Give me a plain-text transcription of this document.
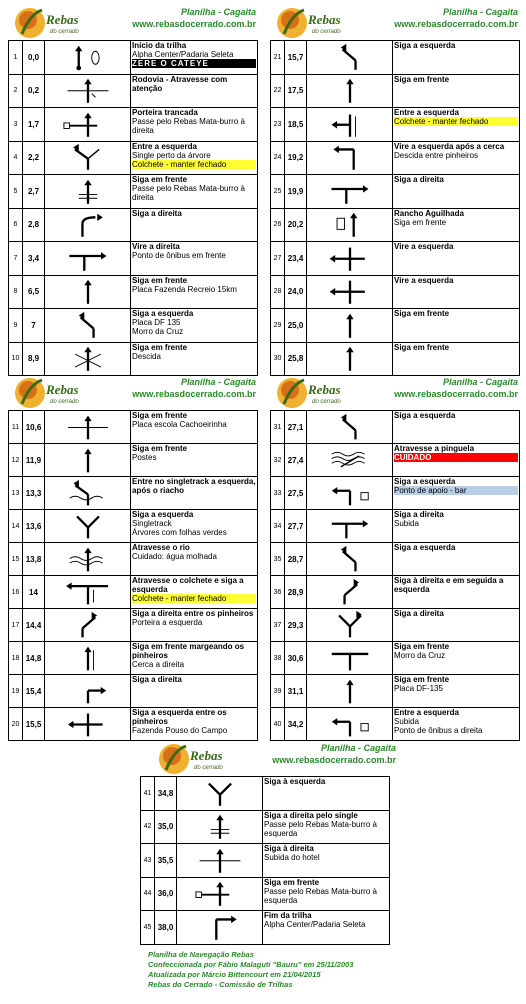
Rebas
do cerrado
Planilha - Cagaita
www.rebasdocerrado.com.br
1	0,0		Início da trilha
Alpha Center/Padaria Seleta
ZERE O CATEYE

2	0,2		Rodovia - Atravesse com atenção

3	1,7		Porteira trancada
Passe pelo Rebas Mata-burro à direita

4	2,2		Entre a esquerda
Single perto da árvore
Colchete - manter fechado

5	2,7		Siga em frente
Passe pelo Rebas Mata-burro à direita

6	2,8		Siga a direita

7	3,4		Vire a direita
Ponto de ônibus em frente

8	6,5		Siga em frente
Placa Fazenda Recreio 15km

9	7		Siga a esquerda
Placa DF 135
Morro da Cruz

10	8,9		Siga em frente
Descida
Rebas
do cerrado
Planilha - Cagaita
www.rebasdocerrado.com.br
21	15,7		Siga a esquerda

22	17,5		Siga em frente

23	18,5		Entre a esquerda
Colchete - manter fechado

24	19,2		Vire a esquerda após a cerca
Descida entre pinheiros

25	19,9		Siga a direita

26	20,2		Rancho Aguilhada
Siga em frente

27	23,4		Vire a esquerda

28	24,0		Vire a esquerda

29	25,0		Siga em frente

30	25,8		Siga em frente
Rebas
do cerrado
Planilha - Cagaita
www.rebasdocerrado.com.br
11	10,6		Siga em frente
Placa escola Cachoeirinha

12	11,9		Siga em frente
Postes

13	13,3		Entre no singletrack a esquerda, após o riacho

14	13,6		Siga a esquerda
Singletrack
Árvores com folhas verdes

15	13,8		Atravesse o rio
Cuidado: água molhada

16	14		Atravesse o colchete e siga a esquerda
Colchete - manter fechado

17	14,4		Siga a direita entre os pinheiros
Porteira a esquerda

18	14,8		Siga em frente margeando os pinheiros
Cerca a direita

19	15,4		Siga a direita

20	15,5		Siga a esquerda entre os pinheiros
Fazenda Pouso do Campo
Rebas
do cerrado
Planilha - Cagaita
www.rebasdocerrado.com.br
31	27,1		Siga a esquerda

32	27,4		Atravesse a pinguela
CUIDADO

33	27,5		Siga a esquerda
Ponto de apoio - bar

34	27,7		Siga a direita
Subida

35	28,7		Siga a esquerda

36	28,9		Siga à direita e em seguida a esquerda

37	29,3		Siga a direita

38	30,6		Siga em frente
Morro da Cruz

39	31,1		Siga em frente
Placa DF-135

40	34,2		Entre a esquerda
Subida
Ponto de ônibus a direita
Rebas
do cerrado
Planilha - Cagaita
www.rebasdocerrado.com.br
41	34,8		Siga à esquerda

42	35,0		Siga a direita pelo single
Passe pelo Rebas Mata-burro à esquerda

43	35,5		Siga à direita
Subida do hotel

44	36,0		Siga em frente
Passe pelo Rebas Mata-burro à esquerda

45	38,0		Fim da trilha
Alpha Center/Padaria Seleta
Planilha de Navegação Rebas
Confeccionada por Fábio Malaguti "Bauru" em 25/11/2003
Atualizada por Márcio Bittencourt em 21/04/2015
Rebas do Cerrado - Comissão de Trilhas
